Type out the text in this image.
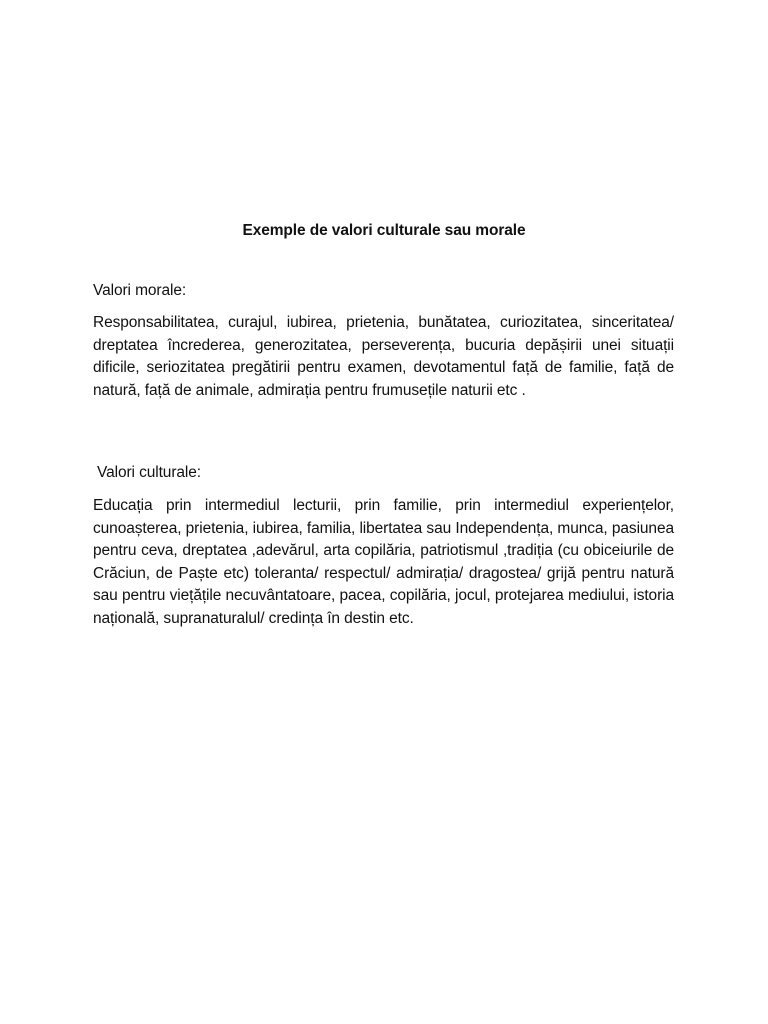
Exemple de valori culturale sau morale
Valori morale:
Responsabilitatea, curajul, iubirea, prietenia, bunătatea, curiozitatea, sinceritatea/ dreptatea încrederea, generozitatea, perseverența, bucuria depășirii unei situații dificile, seriozitatea pregătirii pentru examen, devotamentul față de familie, față de natură, față de animale, admirația pentru frumusețile naturii etc .
Valori culturale:
Educația prin intermediul lecturii, prin familie, prin intermediul experiențelor, cunoașterea, prietenia, iubirea, familia, libertatea sau Independența, munca, pasiunea pentru ceva, dreptatea ,adevărul, arta copilăria, patriotismul ,tradiția (cu obiceiurile de Crăciun, de Paște etc) toleranta/ respectul/ admirația/ dragostea/ grijă pentru natură sau pentru viețățile necuvântatoare, pacea, copilăria, jocul, protejarea mediului, istoria națională, supranaturalul/ credința în destin etc.
